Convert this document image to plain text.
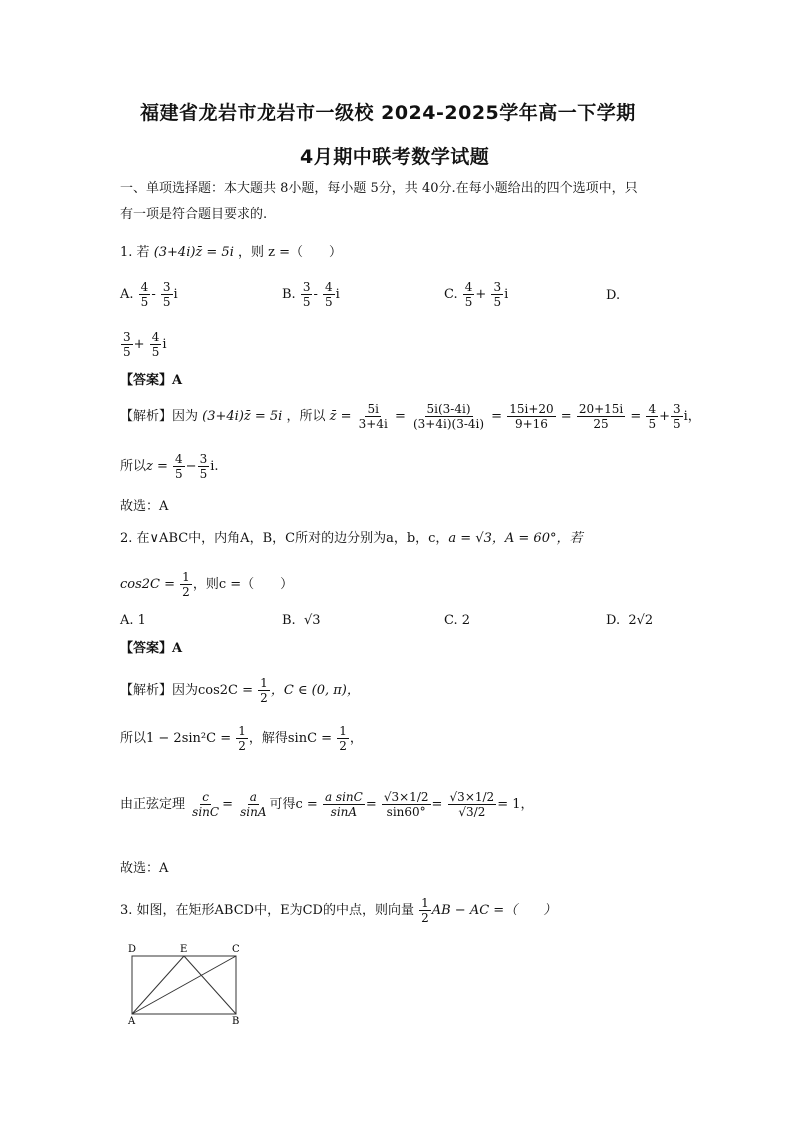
福建省龙岩市龙岩市一级校 2024-2025学年高一下学期
4月期中联考数学试题
一、单项选择题：本大题共 8小题，每小题 5分，共 40分.在每小题给出的四个选项中，只
有一项是符合题目要求的.
1. 若 (3+4i)z̄ = 5i ，则 z =（　　）
A. $\frac{4}{5} - \frac{3}{5}$ i	B. $\frac{3}{5} - \frac{4}{5}$ i	C. $\frac{4}{5} + \frac{3}{5}$ i	D.
$\frac{3}{5} + \frac{4}{5}$ i
【答案】A
【解析】因为 (3+4i)z̄ = 5i ，所以 z̄ = $\frac{5i}{3+4i} = \frac{5i(3-4i)}{(3+4i)(3-4i)} = \frac{15i+20}{9+16} = \frac{20+15i}{25} = \frac{4}{5} + \frac{3}{5}$ i，
所以$z = \frac{4}{5} - \frac{3}{5} i$.
故选：A
2. 在∨ABC中，内角A，B，C所对的边分别为a，b，c，a = √3，A = 60°，若
$\cos 2C = \frac{1}{2}$ ，则c =（　　）
A. 1	B. √3	C. 2	D. 2√2
【答案】A
【解析】因为$\cos 2C = \frac{1}{2}$ ，C ∈ (0, π)，
所以$1 - 2\sin^2C = \frac{1}{2}$ ，解得$\sin C = \frac{1}{2}$ ，
由正弦定理 $\frac{c}{\sin C} = \frac{a}{\sin A}$ 可得$c = \frac{\text{a sinC}}{\sin A} = \frac{√3\times 1/2}{\sin 60^\circ} = \frac{√3\times 1/2}{√3/2} = 1$，
故选：A
3. 如图，在矩形ABCD中，E为CD的中点，则向量 $\frac{1}{2}$ AB − AC =（　　）
D	E	C
A	B
